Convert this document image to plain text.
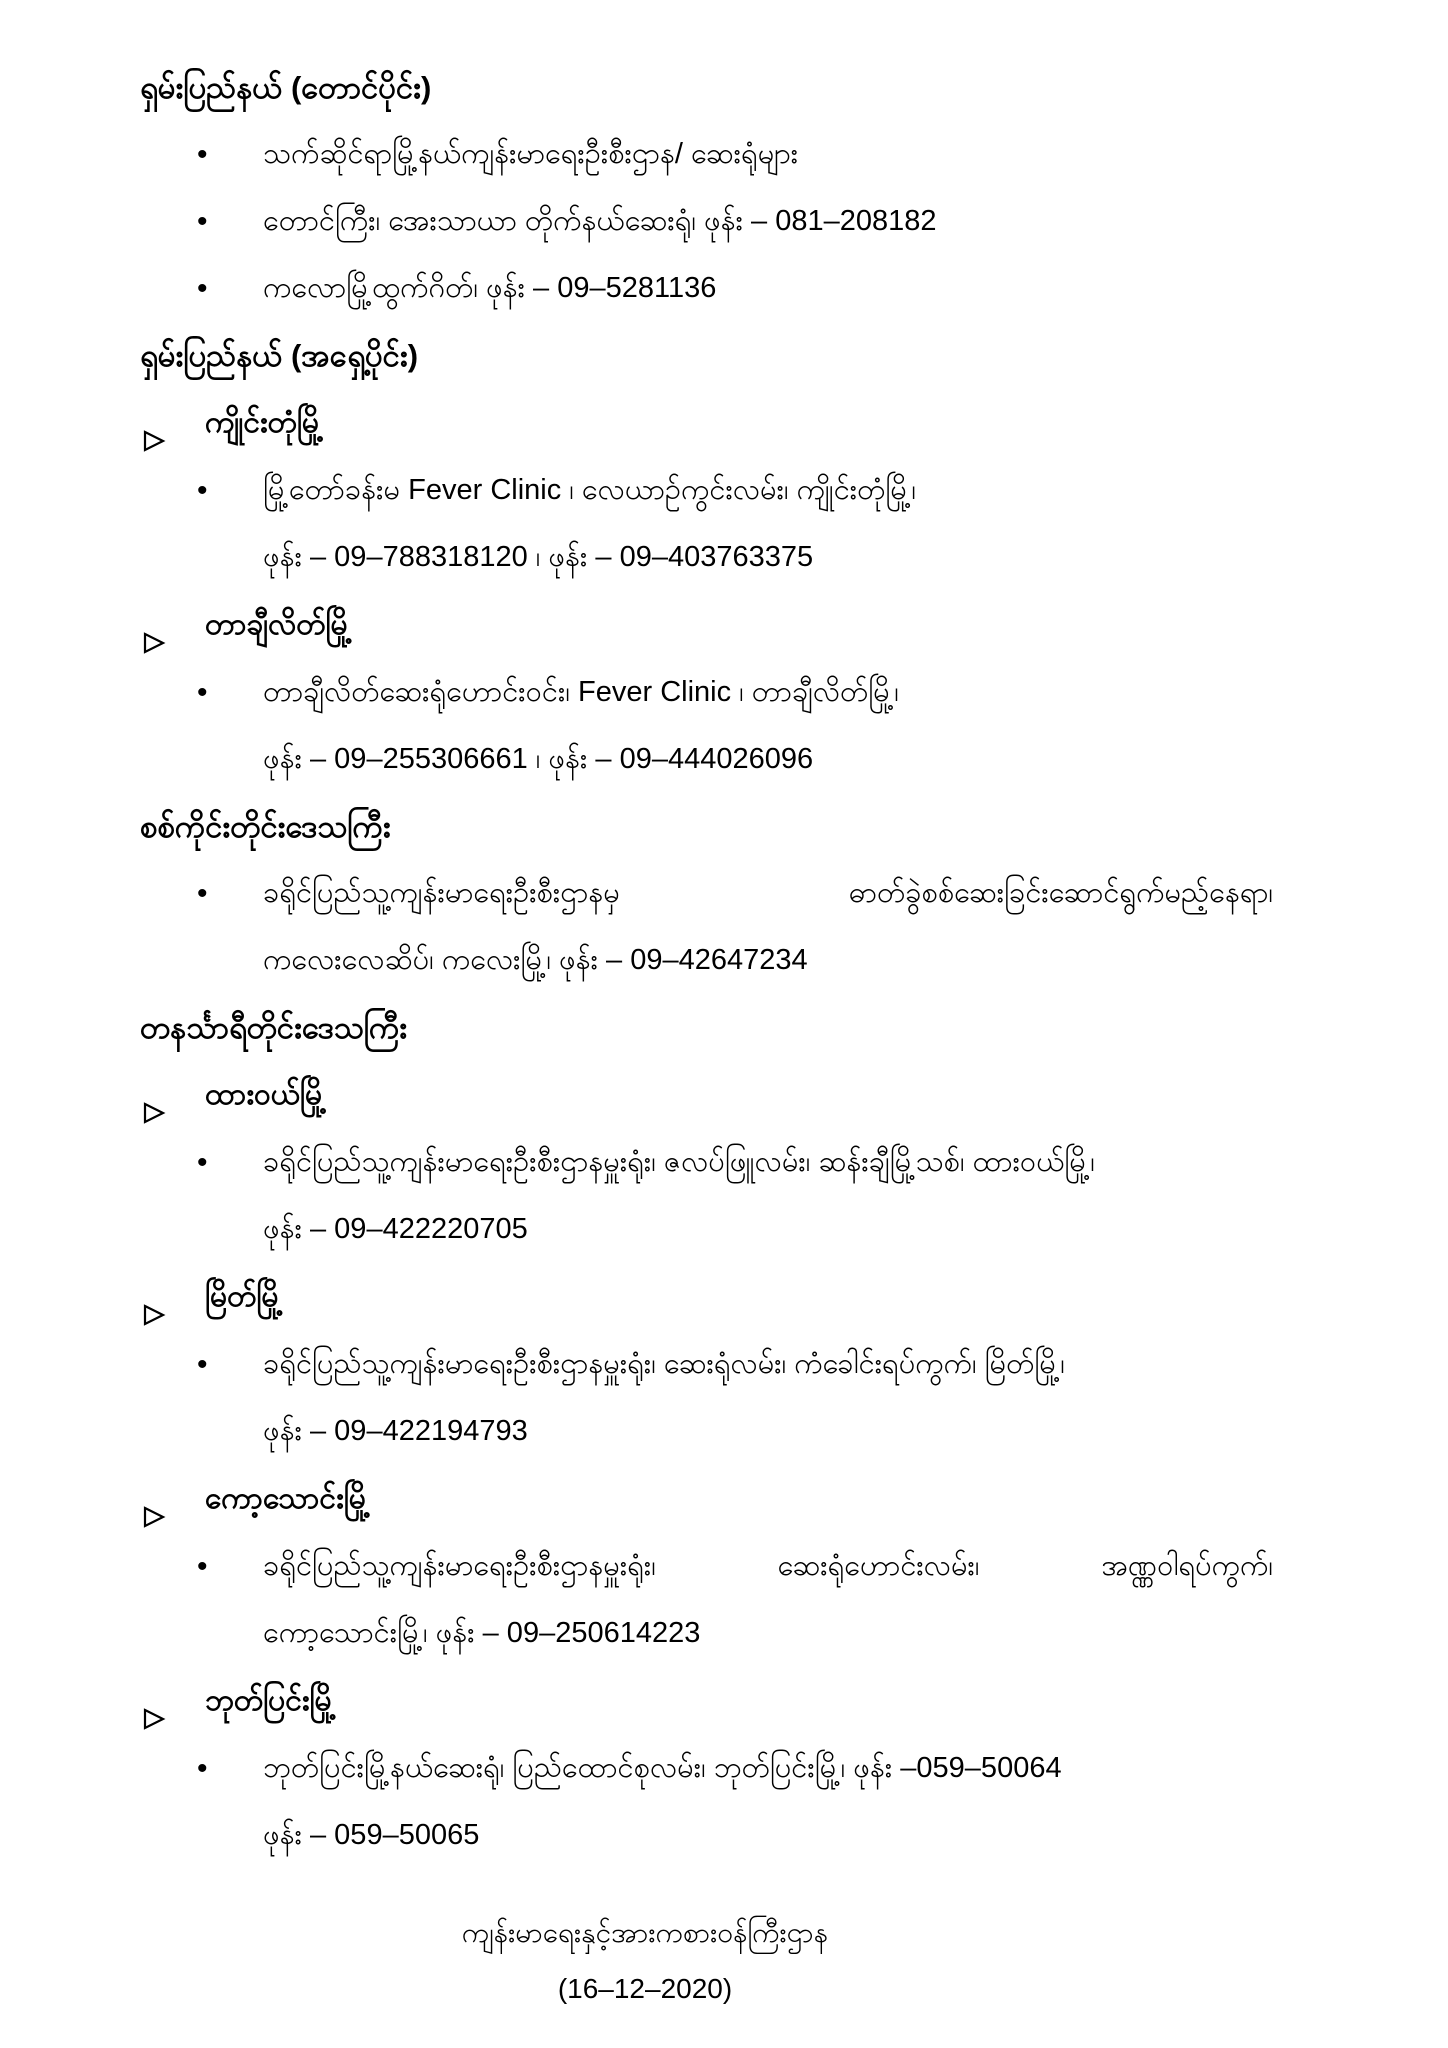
ရှမ်းပြည်နယ် (တောင်ပိုင်း)
• သက်ဆိုင်ရာမြို့နယ်ကျန်းမာရေးဦးစီးဌာန/ ဆေးရုံများ
• တောင်ကြီး၊ အေးသာယာ တိုက်နယ်ဆေးရုံ၊ ဖုန်း – 081–208182
• ကလောမြို့ထွက်ဂိတ်၊ ဖုန်း – 09–5281136
ရှမ်းပြည်နယ် (အရှေ့ပိုင်း)
ကျိုင်းတုံမြို့
• မြို့တော်ခန်းမ Fever Clinic ၊ လေယာဉ်ကွင်းလမ်း၊ ကျိုင်းတုံမြို့၊
ဖုန်း – 09–788318120 ၊ ဖုန်း – 09–403763375
တာချီလိတ်မြို့
• တာချီလိတ်ဆေးရုံဟောင်းဝင်း၊ Fever Clinic ၊ တာချီလိတ်မြို့၊
ဖုန်း – 09–255306661 ၊ ဖုန်း – 09–444026096
စစ်ကိုင်းတိုင်းဒေသကြီး
• ခရိုင်ပြည်သူ့ကျန်းမာရေးဦးစီးဌာနမှ	ဓာတ်ခွဲစစ်ဆေးခြင်းဆောင်ရွက်မည့်နေရာ၊
ကလေးလေဆိပ်၊ ကလေးမြို့၊ ဖုန်း – 09–42647234
တနင်္သာရီတိုင်းဒေသကြီး
ထားဝယ်မြို့
• ခရိုင်ပြည်သူ့ကျန်းမာရေးဦးစီးဌာနမှူးရုံး၊ ဇလပ်ဖြူလမ်း၊ ဆန်းချီမြို့သစ်၊ ထားဝယ်မြို့၊
ဖုန်း – 09–422220705
မြိတ်မြို့
• ခရိုင်ပြည်သူ့ကျန်းမာရေးဦးစီးဌာနမှူးရုံး၊ ဆေးရုံလမ်း၊ ကံခေါင်းရပ်ကွက်၊ မြိတ်မြို့၊
ဖုန်း – 09–422194793
ကော့သောင်းမြို့
• ခရိုင်ပြည်သူ့ကျန်းမာရေးဦးစီးဌာနမှူးရုံး၊	ဆေးရုံဟောင်းလမ်း၊	အဏ္ဏဝါရပ်ကွက်၊
ကော့သောင်းမြို့၊ ဖုန်း – 09–250614223
ဘုတ်ပြင်းမြို့
• ဘုတ်ပြင်းမြို့နယ်ဆေးရုံ၊ ပြည်ထောင်စုလမ်း၊ ဘုတ်ပြင်းမြို့၊ ဖုန်း –059–50064
ဖုန်း – 059–50065
ကျန်းမာရေးနှင့်အားကစားဝန်ကြီးဌာန
(16–12–2020)
